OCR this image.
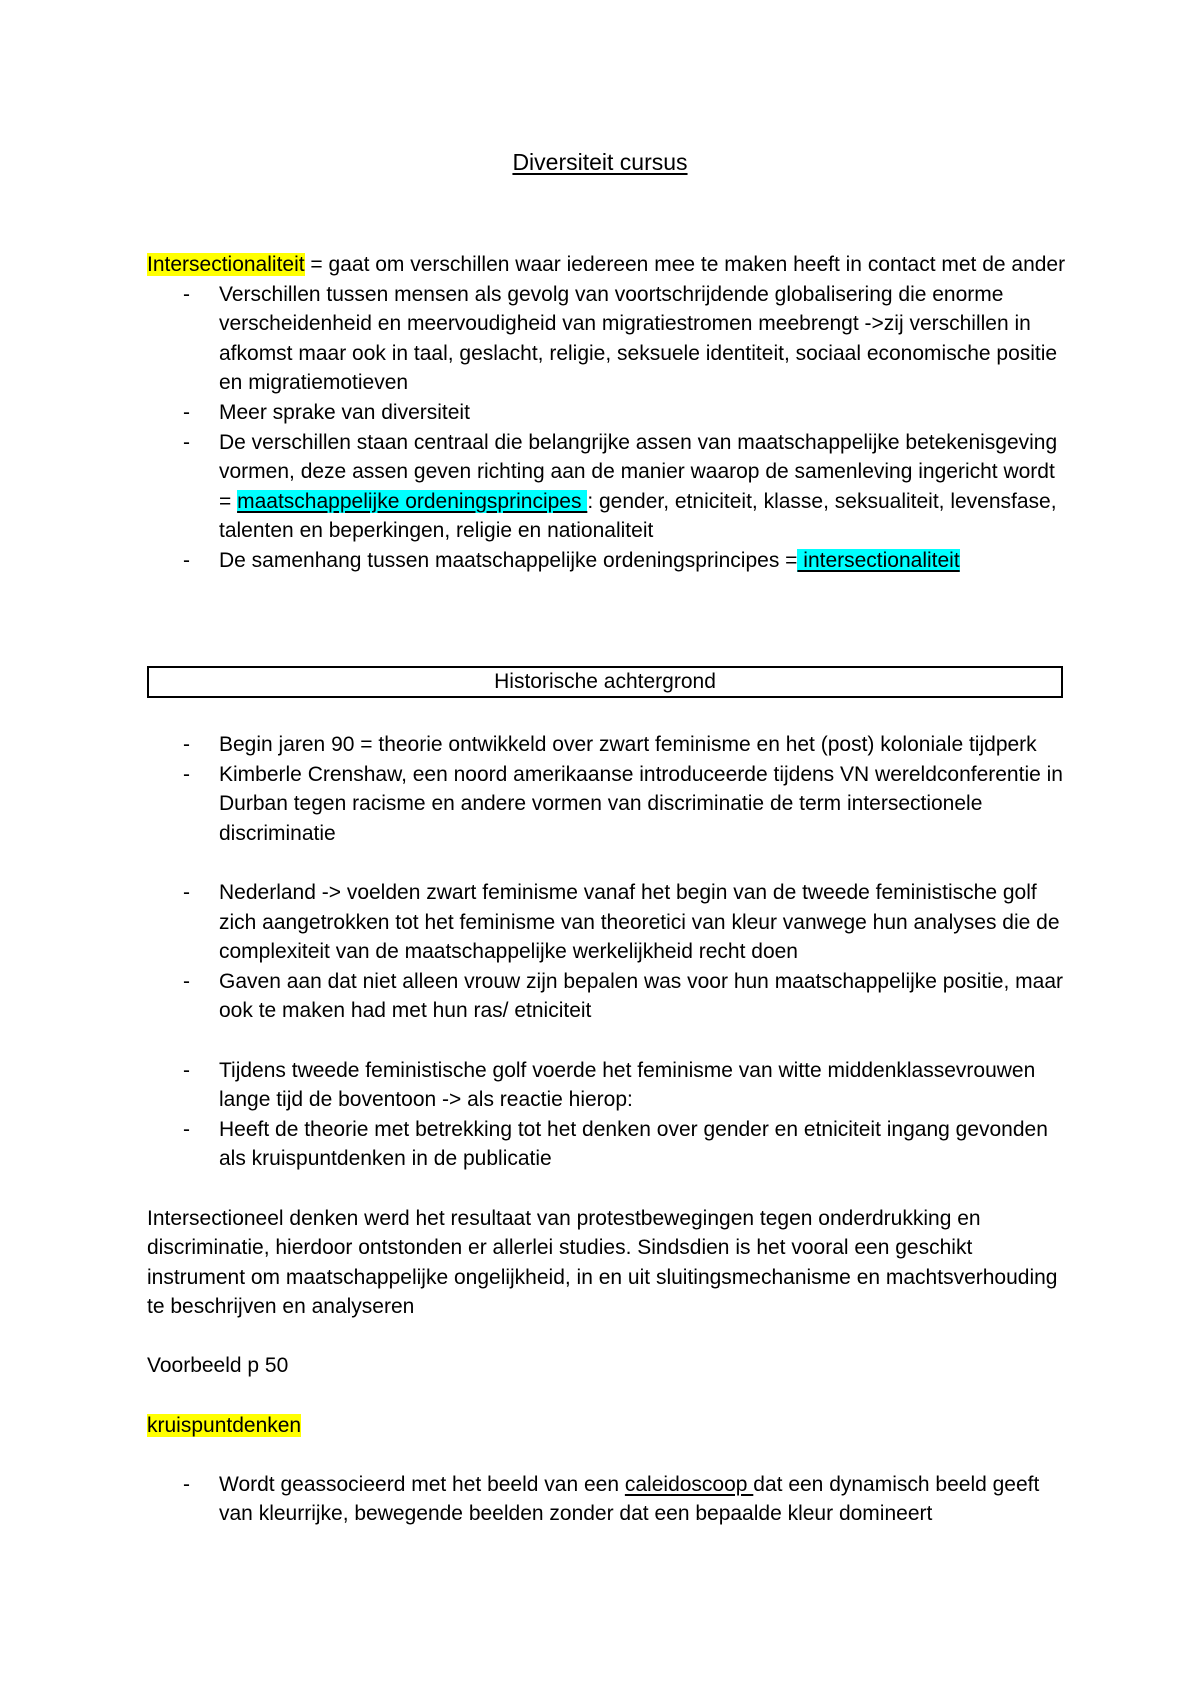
Diversiteit cursus
Intersectionaliteit = gaat om verschillen waar iedereen mee te maken heeft in contact met de ander
- Verschillen tussen mensen als gevolg van voortschrijdende globalisering die enorme verscheidenheid en meervoudigheid van migratiestromen meebrengt ->zij verschillen in afkomst maar ook in taal, geslacht, religie, seksuele identiteit, sociaal economische positie en migratiemotieven
- Meer sprake van diversiteit
- De verschillen staan centraal die belangrijke assen van maatschappelijke betekenisgeving vormen, deze assen geven richting aan de manier waarop de samenleving ingericht wordt = maatschappelijke ordeningsprincipes : gender, etniciteit, klasse, seksualiteit, levensfase, talenten en beperkingen, religie en nationaliteit
- De samenhang tussen maatschappelijke ordeningsprincipes = intersectionaliteit
Historische achtergrond
- Begin jaren 90 = theorie ontwikkeld over zwart feminisme en het (post) koloniale tijdperk
- Kimberle Crenshaw, een noord amerikaanse introduceerde tijdens VN wereldconferentie in Durban tegen racisme en andere vormen van discriminatie de term intersectionele discriminatie
- Nederland -> voelden zwart feminisme vanaf het begin van de tweede feministische golf zich aangetrokken tot het feminisme van theoretici van kleur vanwege hun analyses die de complexiteit van de maatschappelijke werkelijkheid recht doen
- Gaven aan dat niet alleen vrouw zijn bepalen was voor hun maatschappelijke positie, maar ook te maken had met hun ras/ etniciteit
- Tijdens tweede feministische golf voerde het feminisme van witte middenklassevrouwen lange tijd de boventoon -> als reactie hierop:
- Heeft de theorie met betrekking tot het denken over gender en etniciteit ingang gevonden als kruispuntdenken in de publicatie
Intersectioneel denken werd het resultaat van protestbewegingen tegen onderdrukking en discriminatie, hierdoor ontstonden er allerlei studies. Sindsdien is het vooral een geschikt instrument om maatschappelijke ongelijkheid, in en uit sluitingsmechanisme en machtsverhouding te beschrijven en analyseren
Voorbeeld p 50
kruispuntdenken
- Wordt geassocieerd met het beeld van een caleidoscoop dat een dynamisch beeld geeft van kleurrijke, bewegende beelden zonder dat een bepaalde kleur domineert
